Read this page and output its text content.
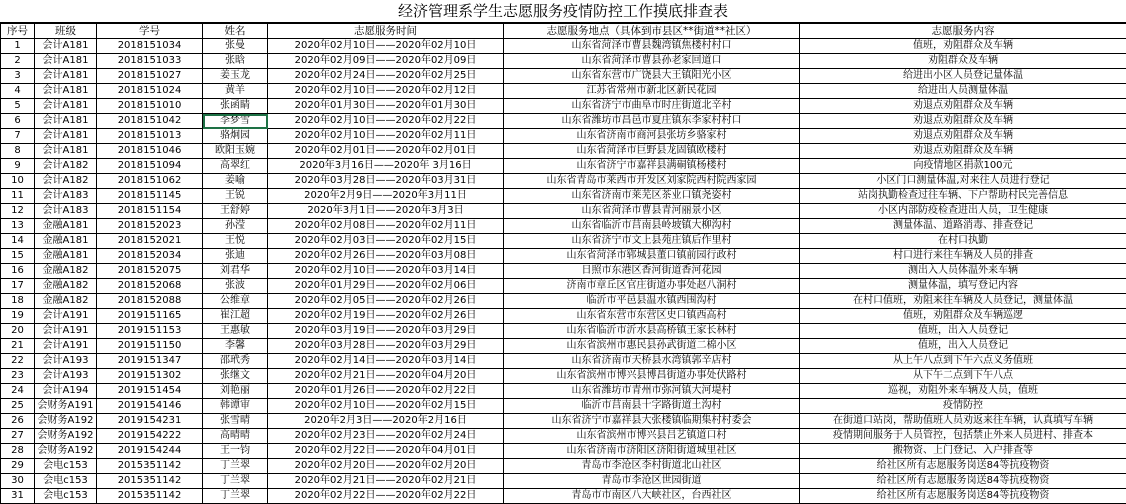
经济管理系学生志愿服务疫情防控工作摸底排查表
序号	班级	学号	姓名	志愿服务时间	志愿服务地点（具体到市县区**街道**社区）	志愿服务内容
1	会计A181	2018151034	张曼	2020年02月10日——2020年02月10日	山东省菏泽市曹县魏湾镇焦楼村村口	值班，劝阻群众及车辆
2	会计A181	2018151033	张晗	2020年02月09日——2020年02月09日	山东省菏泽市曹县孙老家回道口	劝阻群众及车辆
3	会计A181	2018151027	姜玉龙	2020年02月24日——2020年02月25日	山东省东营市广饶县大王镇阳光小区	给进出小区人员登记量体温
4	会计A181	2018151024	黄羊	2020年02月10日——2020年02月12日	江苏省常州市新北区新民花园	给进出人员测量体温
5	会计A181	2018151010	张函睛	2020年01月30日——2020年01月30日	山东省济宁市曲阜市时庄街道北辛村	劝退点劝阻群众及车辆
6	会计A181	2018151042	李梦雪	2020年02月10日——2020年02月22日	山东省潍坊市昌邑市夏庄镇东李家村村口	劝退点劝阻群众及车辆
7	会计A181	2018151013	骆炯园	2020年02月10日——2020年02月11日	山东省济南市商河县张坊乡骆家村	劝退点劝阻群众及车辆
8	会计A181	2018151046	欧阳玉婉	2020年02月01日——2020年02月01日	山东省菏泽市巨野县龙固镇欧楼村	劝退点劝阻群众及车辆
9	会计A182	2018151094	高翠红	2020年3月16日——2020年 3月16日	山东省济宁市嘉祥县满硐镇杨楼村	向疫情地区捐款100元
10	会计A182	2018151062	姜喻	2020年03月28日——2020年03月31日	山东省青岛市莱西市开发区刘家院西村院西家园	小区门口测量体温,对来往人员进行登记
11	会计A183	2018151145	王锐	2020年2月9日——2020年3月11日	山东省济南市莱芜区茶业口镇尧姿村	站岗执勤检查过往车辆、下户帮助村民完善信息
12	会计A183	2018151154	王舒婷	2020年3月1日——2020年3月3日	山东省菏泽市曹县青河丽景小区	小区内部防疫检查进出人员，卫生健康
13	金融A181	2018152023	孙滢	2020年02月08日——2020年02月11日	山东省临沂市莒南县岭坡镇大柳沟村	测量体温、道路消毒、排查登记
14	金融A181	2018152021	王悦	2020年02月03日——2020年02月15日	山东省济宁市文上县苑庄镇后作里村	在村口执勤
15	金融A181	2018152034	张迪	2020年02月26日——2020年03月08日	山东省菏泽市郓城县董口镇前园行政村	村口进行来往车辆及人员的排查
16	金融A182	2018152075	刘君华	2020年02月10日——2020年03月14日	日照市东港区香河街道香河花园	测出入人员体温外来车辆
17	金融A182	2018152068	张波	2020年01月29日——2020年02月06日	济南市章丘区官庄街道办事处赵八洞村	测量体温，填写登记内容
18	金融A182	2018152088	公维章	2020年02月05日——2020年02月26日	临沂市平邑县温水镇西围沟村	在村口值班，劝阻来往车辆及人员登记，测量体温
19	会计A191	2019151165	崔江超	2020年02月19日——2020年02月26日	山东省东营市东营区史口镇西高村	值班，劝阻群众及车辆巡逻
20	会计A191	2019151153	王惠敏	2020年03月19日——2020年03月29日	山东省临沂市沂水县高桥镇王家长林村	值班，出入人员登记
21	会计A191	2019151150	李馨	2020年03月28日——2020年03月29日	山东省滨州市惠民县孙武街道二棉小区	值班，出入人员登记
22	会计A193	2019151347	邵玳秀	2020年02月14日——2020年03月14日	山东省济南市天桥县水湾镇郭辛店村	从上午八点到下午六点义务值班
23	会计A193	2019151302	张继文	2020年02月21日——2020年04月20日	山东省滨州市博兴县博昌街道办事处伏路村	从下午二点到下午八点
24	会计A194	2019151454	刘艳丽	2020年01月26日——2020年02月22日	山东省潍坊市青州市弥河镇大河堤村	巡视，劝阻外来车辆及人员，值班
25	会财务A191	2019154146	韩谭审	2020年02月10日——2020年02月15日	临沂市莒南县十字路街道土沟村	疫情防控
26	会财务A192	2019154231	张雪晴	2020年2月3日——2020年2月16日	山东省济宁市嘉祥县大张楼镇临期集村村委会	在街道口站岗，帮助值班人员劝返来往车辆，认真填写车辆
27	会财务A192	2019154222	高晴晴	2020年02月23日——2020年02月24日	山东省滨州市博兴县吕艺镇道口村	疫情期间服务于人员管控，包括禁止外来人员进村、排查本
28	会财务A192	2019154244	王一钧	2020年02月22日——2020年04月01日	山东省济南市济阳区济阳街道城里社区	搬物资、上门登记、入户排查等
29	会电c153	2015351142	丁兰翠	2020年02月20日——2020年02月20日	青岛市李沧区李村街道北山社区	给社区所有志愿服务岗送84等抗疫物资
30	会电c153	2015351142	丁兰翠	2020年02月21日——2020年02月21日	青岛市李沧区世园街道	给社区所有志愿服务岗送84等抗疫物资
31	会电c153	2015351142	丁兰翠	2020年02月22日——2020年02月22日	青岛市市南区八大峡社区，台西社区	给社区所有志愿服务岗送84等抗疫物资
